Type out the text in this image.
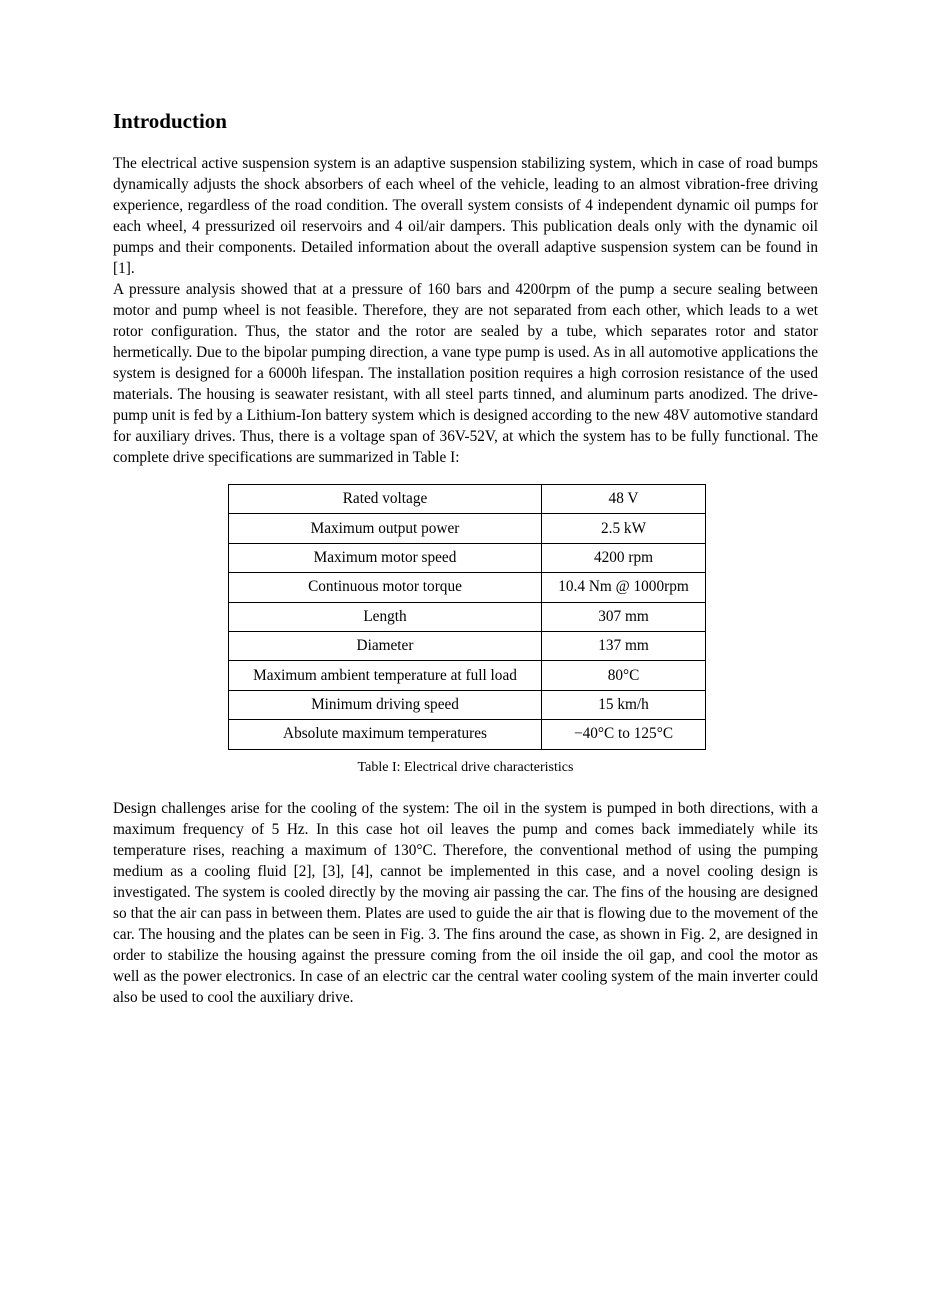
Introduction

The electrical active suspension system is an adaptive suspension stabilizing system, which in case of road bumps dynamically adjusts the shock absorbers of each wheel of the vehicle, leading to an almost vibration-free driving experience, regardless of the road condition. The overall system consists of 4 independent dynamic oil pumps for each wheel, 4 pressurized oil reservoirs and 4 oil/air dampers. This publication deals only with the dynamic oil pumps and their components. Detailed information about the overall adaptive suspension system can be found in [1].

A pressure analysis showed that at a pressure of 160 bars and 4200rpm of the pump a secure sealing between motor and pump wheel is not feasible. Therefore, they are not separated from each other, which leads to a wet rotor configuration. Thus, the stator and the rotor are sealed by a tube, which separates rotor and stator hermetically. Due to the bipolar pumping direction, a vane type pump is used. As in all automotive applications the system is designed for a 6000h lifespan. The installation position requires a high corrosion resistance of the used materials. The housing is seawater resistant, with all steel parts tinned, and aluminum parts anodized. The drive-pump unit is fed by a Lithium-Ion battery system which is designed according to the new 48V automotive standard for auxiliary drives. Thus, there is a voltage span of 36V-52V, at which the system has to be fully functional. The complete drive specifications are summarized in Table I:

Rated voltage	48 V
Maximum output power	2.5 kW
Maximum motor speed	4200 rpm
Continuous motor torque	10.4 Nm @ 1000rpm
Length	307 mm
Diameter	137 mm
Maximum ambient temperature at full load	80°C
Minimum driving speed	15 km/h
Absolute maximum temperatures	−40°C to 125°C
Table I: Electrical drive characteristics

Design challenges arise for the cooling of the system: The oil in the system is pumped in both directions, with a maximum frequency of 5 Hz. In this case hot oil leaves the pump and comes back immediately while its temperature rises, reaching a maximum of 130°C. Therefore, the conventional method of using the pumping medium as a cooling fluid [2], [3], [4], cannot be implemented in this case, and a novel cooling design is investigated. The system is cooled directly by the moving air passing the car. The fins of the housing are designed so that the air can pass in between them. Plates are used to guide the air that is flowing due to the movement of the car. The housing and the plates can be seen in Fig. 3. The fins around the case, as shown in Fig. 2, are designed in order to stabilize the housing against the pressure coming from the oil inside the oil gap, and cool the motor as well as the power electronics. In case of an electric car the central water cooling system of the main inverter could also be used to cool the auxiliary drive.
